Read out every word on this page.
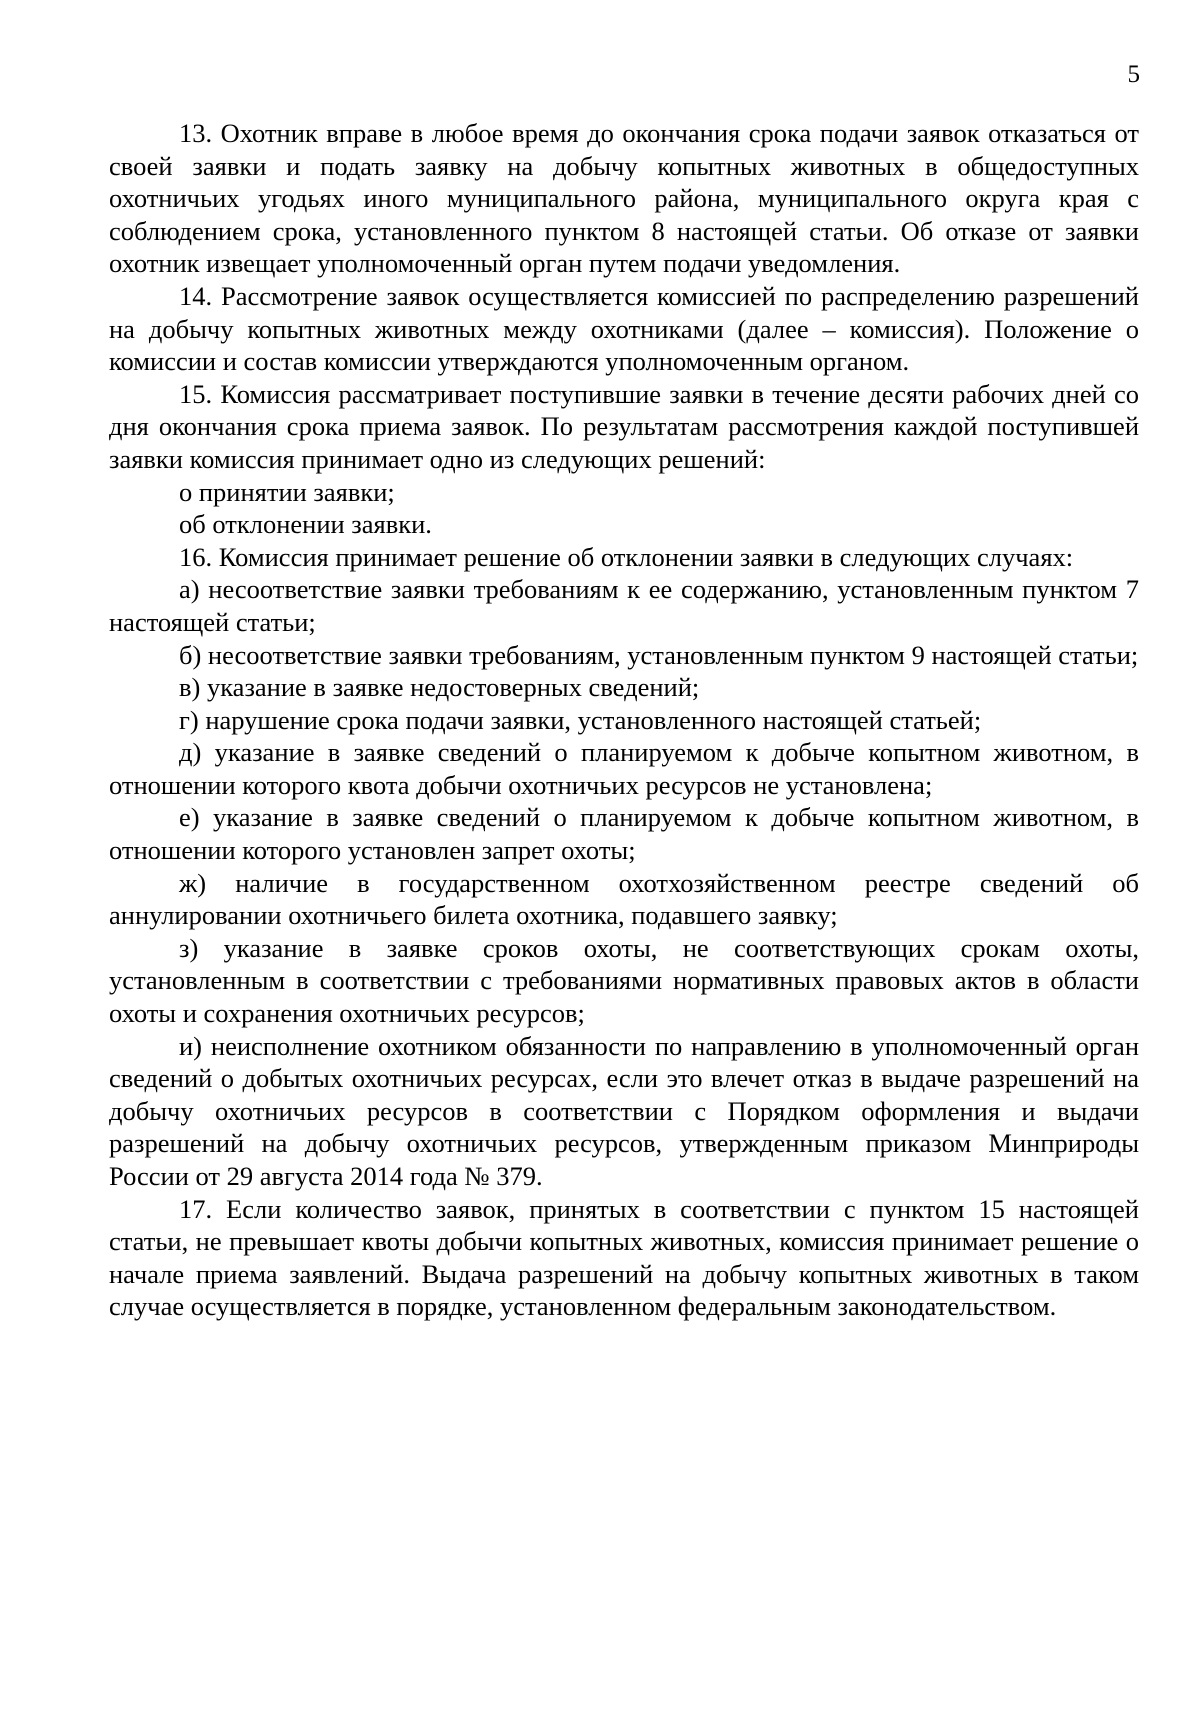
5

13. Охотник вправе в любое время до окончания срока подачи заявок отказаться от своей заявки и подать заявку на добычу копытных животных в общедоступных охотничьих угодьях иного муниципального района, муниципального округа края с соблюдением срока, установленного пунктом 8 настоящей статьи. Об отказе от заявки охотник извещает уполномоченный орган путем подачи уведомления.

14. Рассмотрение заявок осуществляется комиссией по распределению разрешений на добычу копытных животных между охотниками (далее – комиссия). Положение о комиссии и состав комиссии утверждаются уполномоченным органом.

15. Комиссия рассматривает поступившие заявки в течение десяти рабочих дней со дня окончания срока приема заявок. По результатам рассмотрения каждой поступившей заявки комиссия принимает одно из следующих решений:

о принятии заявки;

об отклонении заявки.

16. Комиссия принимает решение об отклонении заявки в следующих случаях:

а) несоответствие заявки требованиям к ее содержанию, установленным пунктом 7 настоящей статьи;

б) несоответствие заявки требованиям, установленным пунктом 9 настоящей статьи;

в) указание в заявке недостоверных сведений;

г) нарушение срока подачи заявки, установленного настоящей статьей;

д) указание в заявке сведений о планируемом к добыче копытном животном, в отношении которого квота добычи охотничьих ресурсов не установлена;

е) указание в заявке сведений о планируемом к добыче копытном животном, в отношении которого установлен запрет охоты;

ж) наличие в государственном охотхозяйственном реестре сведений об аннулировании охотничьего билета охотника, подавшего заявку;

з) указание в заявке сроков охоты, не соответствующих срокам охоты, установленным в соответствии с требованиями нормативных правовых актов в области охоты и сохранения охотничьих ресурсов;

и) неисполнение охотником обязанности по направлению в уполномоченный орган сведений о добытых охотничьих ресурсах, если это влечет отказ в выдаче разрешений на добычу охотничьих ресурсов в соответствии с Порядком оформления и выдачи разрешений на добычу охотничьих ресурсов, утвержденным приказом Минприроды России от 29 августа 2014 года № 379.

17. Если количество заявок, принятых в соответствии с пунктом 15 настоящей статьи, не превышает квоты добычи копытных животных, комиссия принимает решение о начале приема заявлений. Выдача разрешений на добычу копытных животных в таком случае осуществляется в порядке, установленном федеральным законодательством.
